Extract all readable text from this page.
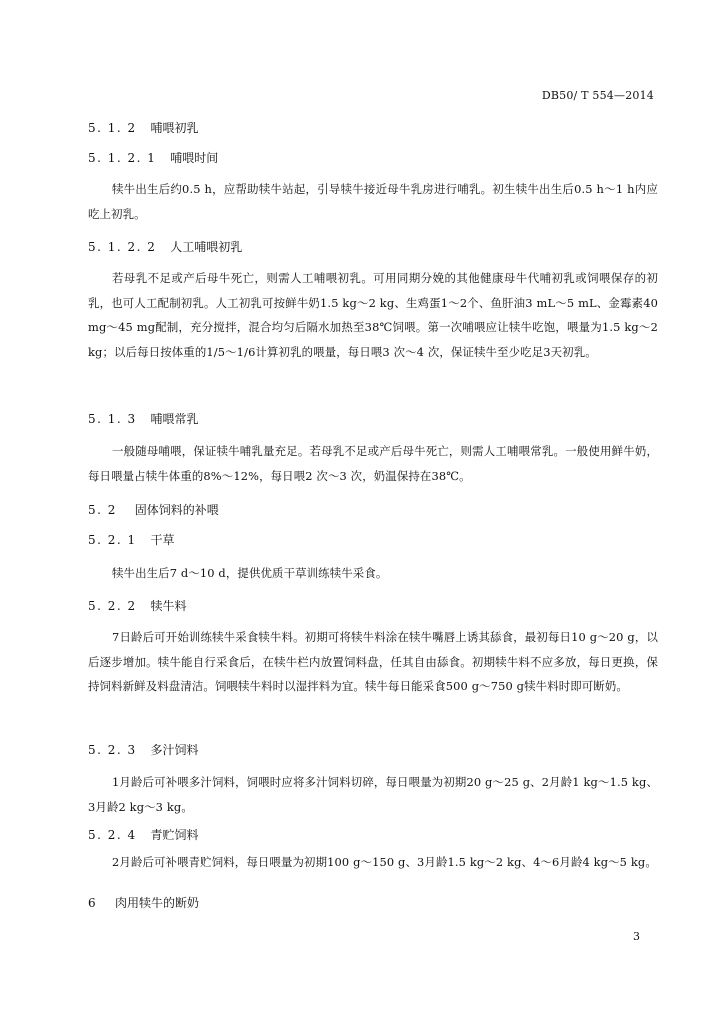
DB50/ T 554—2014
5. 1. 2 哺喂初乳
5. 1. 2. 1 哺喂时间

犊牛出生后约0.5 h，应帮助犊牛站起，引导犊牛接近母牛乳房进行哺乳。初生犊牛出生后0.5 h～1 h内应吃上初乳。

5. 1. 2. 2 人工哺喂初乳

若母乳不足或产后母牛死亡，则需人工哺喂初乳。可用同期分娩的其他健康母牛代哺初乳或饲喂保存的初乳，也可人工配制初乳。人工初乳可按鲜牛奶1.5 kg～2 kg、生鸡蛋1～2个、鱼肝油3 mL～5 mL、金霉素40 mg～45 mg配制，充分搅拌，混合均匀后隔水加热至38℃饲喂。第一次哺喂应让犊牛吃饱，喂量为1.5 kg～2 kg；以后每日按体重的1/5～1/6计算初乳的喂量，每日喂3 次～4 次，保证犊牛至少吃足3天初乳。

5. 1. 3 哺喂常乳

一般随母哺喂，保证犊牛哺乳量充足。若母乳不足或产后母牛死亡，则需人工哺喂常乳。一般使用鲜牛奶，每日喂量占犊牛体重的8%～12%，每日喂2 次～3 次，奶温保持在38℃。

5. 2 固体饲料的补喂
5. 2. 1 干草

犊牛出生后7 d～10 d，提供优质干草训练犊牛采食。

5. 2. 2 犊牛料

7日龄后可开始训练犊牛采食犊牛料。初期可将犊牛料涂在犊牛嘴唇上诱其舔食，最初每日10 g～20 g，以后逐步增加。犊牛能自行采食后，在犊牛栏内放置饲料盘，任其自由舔食。初期犊牛料不应多放，每日更换，保持饲料新鲜及料盘清洁。饲喂犊牛料时以湿拌料为宜。犊牛每日能采食500 g～750 g犊牛料时即可断奶。

5. 2. 3 多汁饲料

1月龄后可补喂多汁饲料，饲喂时应将多汁饲料切碎，每日喂量为初期20 g～25 g、2月龄1 kg～1.5 kg、3月龄2 kg～3 kg。

5. 2. 4 青贮饲料

2月龄后可补喂青贮饲料，每日喂量为初期100 g～150 g、3月龄1.5 kg～2 kg、4～6月龄4 kg～5 kg。

6 肉用犊牛的断奶
3
